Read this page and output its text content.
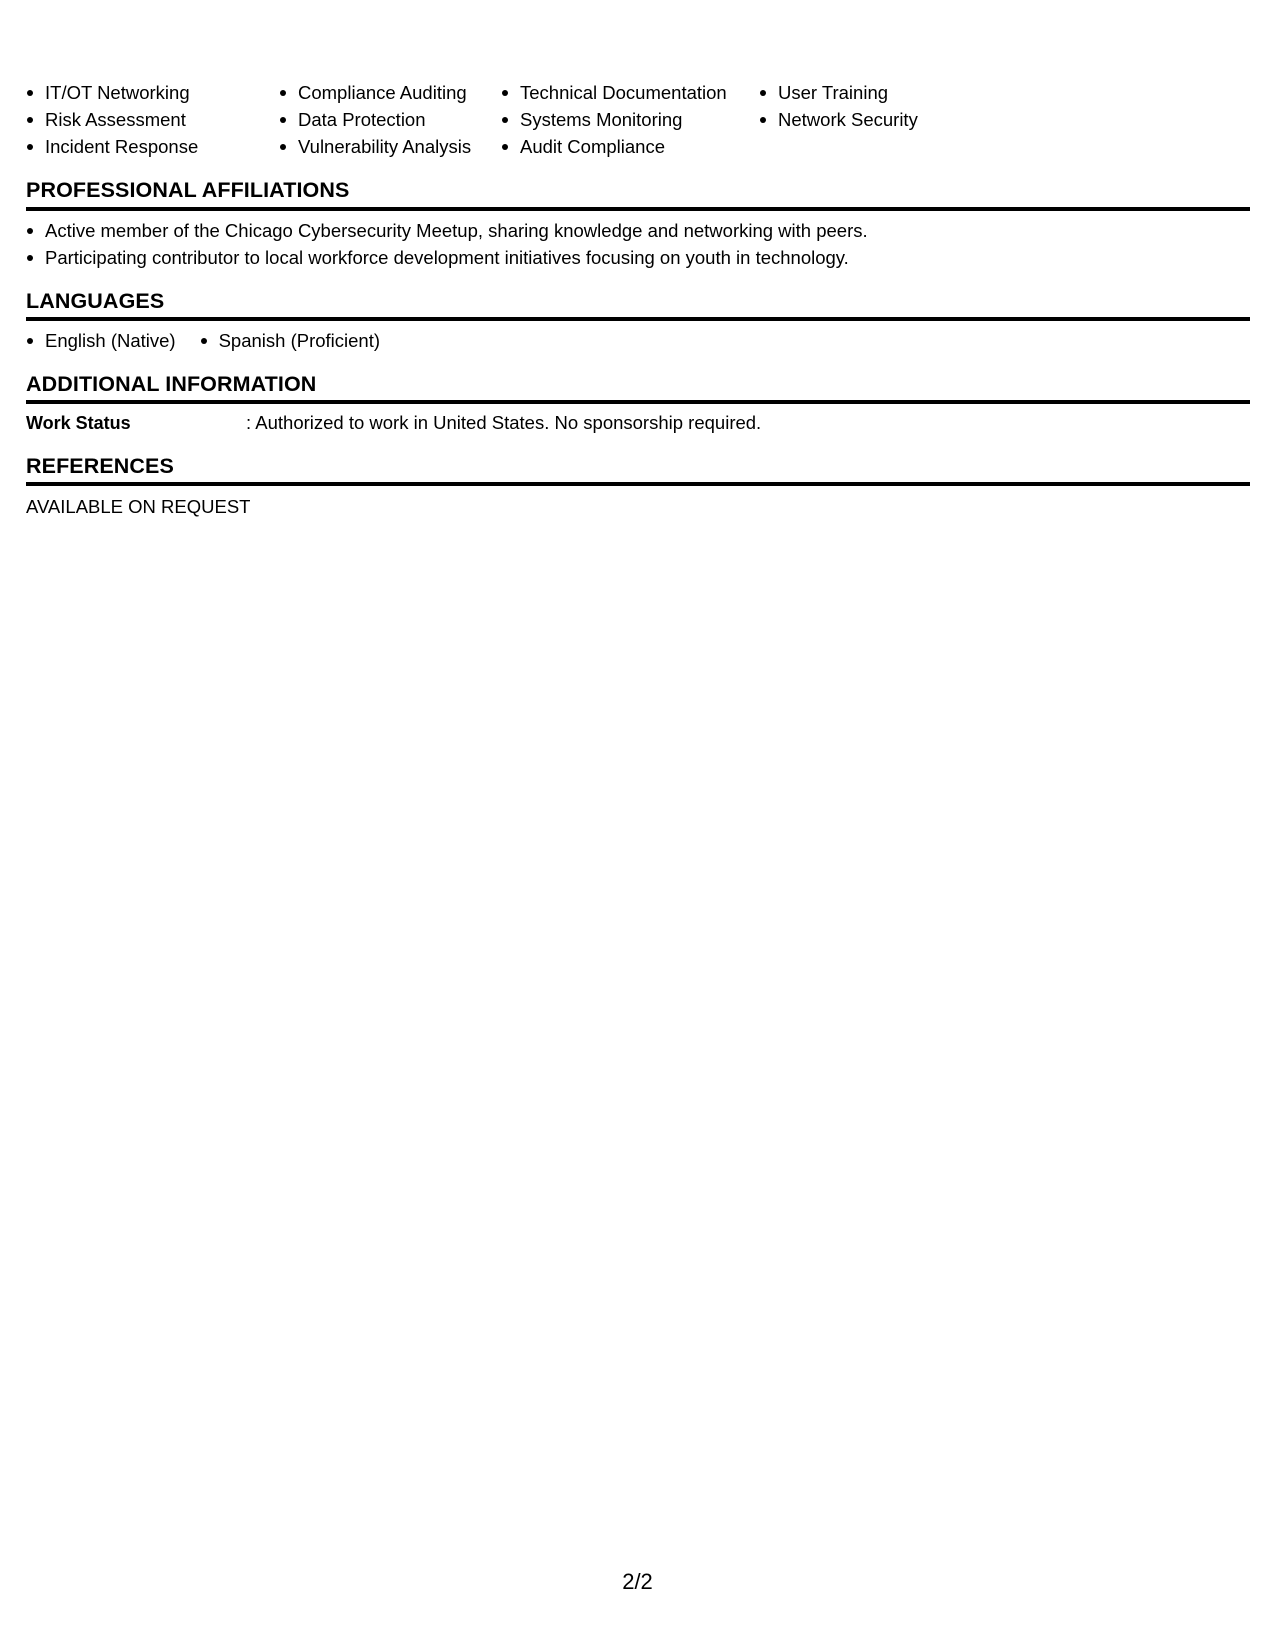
IT/OT Networking
Risk Assessment
Incident Response
Compliance Auditing
Data Protection
Vulnerability Analysis
Technical Documentation
Systems Monitoring
Audit Compliance
User Training
Network Security
PROFESSIONAL AFFILIATIONS
Active member of the Chicago Cybersecurity Meetup, sharing knowledge and networking with peers.
Participating contributor to local workforce development initiatives focusing on youth in technology.
LANGUAGES
English (Native)	Spanish (Proficient)
ADDITIONAL INFORMATION
Work Status	: Authorized to work in United States. No sponsorship required.
REFERENCES
AVAILABLE ON REQUEST
2/2
